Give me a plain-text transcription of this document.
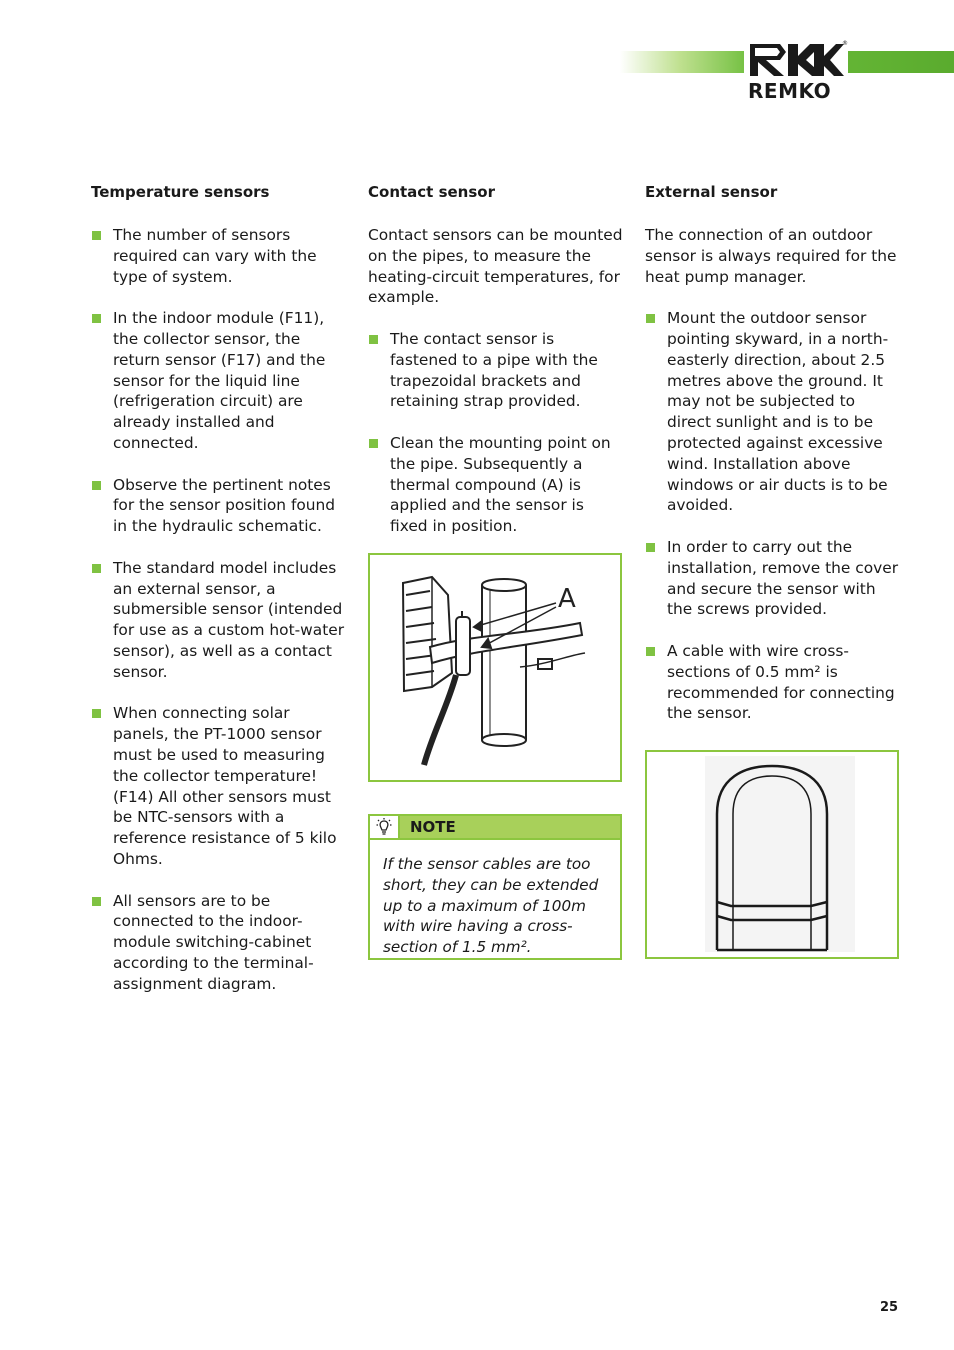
REMKO
®
Temperature sensors
The number of sensors required can vary with the type of system.
In the indoor module (F11), the collector sensor, the return sensor (F17) and the sensor for the liquid line (refrigeration circuit) are already installed and connected.
Observe the pertinent notes for the sensor position found in the hydraulic schematic.
The standard model includes an external sensor, a submersible sensor (intended for use as a custom hot-water sensor), as well as a contact sensor.
When connecting solar panels, the PT-1000 sensor must be used to measuring the collector temperature! (F14) All other sensors must be NTC-sensors with a reference resistance of 5 kilo Ohms.
All sensors are to be connected to the indoor-module switching-cabinet according to the terminal-assignment diagram.
Contact sensor

Contact sensors can be mounted on the pipes, to measure the heating-circuit temperatures, for example.

The contact sensor is fastened to a pipe with the trapezoidal brackets and retaining strap provided.
Clean the mounting point on the pipe. Subsequently a thermal compound (A) is applied and the sensor is fixed in position.
External sensor

The connection of an outdoor sensor is always required for the heat pump manager.

Mount the outdoor sensor pointing skyward, in a north-easterly direction, about 2.5 metres above the ground. It may not be subjected to direct sunlight and is to be protected against excessive wind. Installation above windows or air ducts is to be avoided.
In order to carry out the installation, remove the cover and secure the sensor with the screws provided.
A cable with wire cross-sections of 0.5 mm² is recommended for connecting the sensor.
A
NOTE
If the sensor cables are too short, they can be extended up to a maximum of 100m with wire having a cross-section of 1.5 mm².
25
